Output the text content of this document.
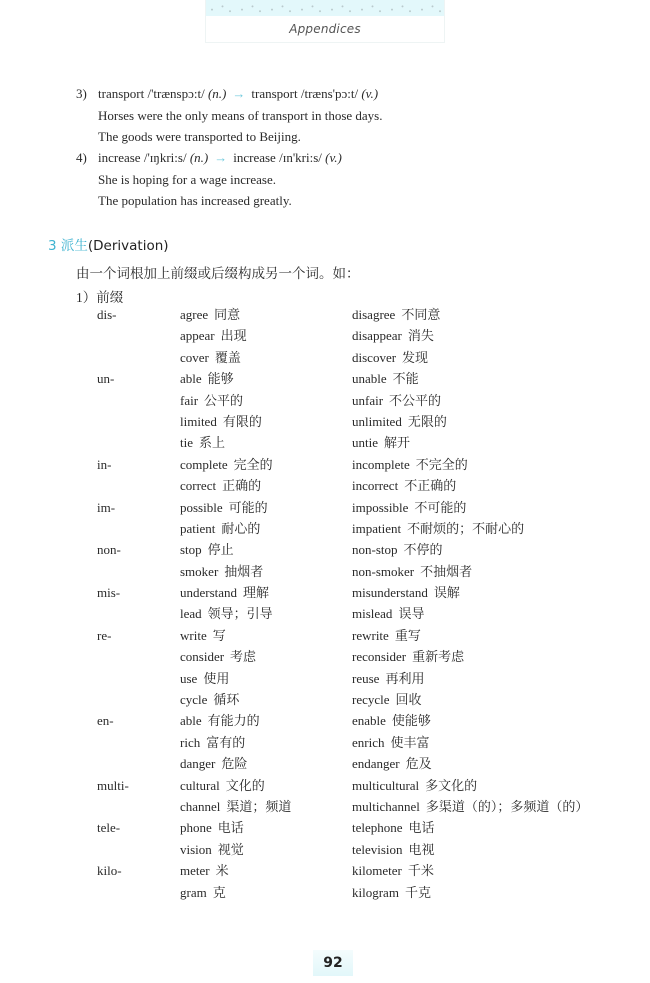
Appendices
3) transport /'trænspɔ:t/ (n.) → transport /træns'pɔ:t/ (v.)
Horses were the only means of transport in those days.
The goods were transported to Beijing.
4) increase /'ɪŋkri:s/ (n.) → increase /ɪn'kri:s/ (v.)
She is hoping for a wage increase.
The population has increased greatly.
3 派生(Derivation)
由一个词根加上前缀或后缀构成另一个词。如：
1）前缀
dis-	agree 同意	disagree 不同意
appear 出现	disappear 消失
cover 覆盖	discover 发现
un-	able 能够	unable 不能
fair 公平的	unfair 不公平的
limited 有限的	unlimited 无限的
tie 系上	untie 解开
in-	complete 完全的	incomplete 不完全的
correct 正确的	incorrect 不正确的
im-	possible 可能的	impossible 不可能的
patient 耐心的	impatient 不耐烦的；不耐心的
non-	stop 停止	non-stop 不停的
smoker 抽烟者	non-smoker 不抽烟者
mis-	understand 理解	misunderstand 误解
lead 领导；引导	mislead 误导
re-	write 写	rewrite 重写
consider 考虑	reconsider 重新考虑
use 使用	reuse 再利用
cycle 循环	recycle 回收
en-	able 有能力的	enable 使能够
rich 富有的	enrich 使丰富
danger 危险	endanger 危及
multi-	cultural 文化的	multicultural 多文化的
channel 渠道；频道	multichannel 多渠道（的）；多频道（的）
tele-	phone 电话	telephone 电话
vision 视觉	television 电视
kilo-	meter 米	kilometer 千米
gram 克	kilogram 千克
92
